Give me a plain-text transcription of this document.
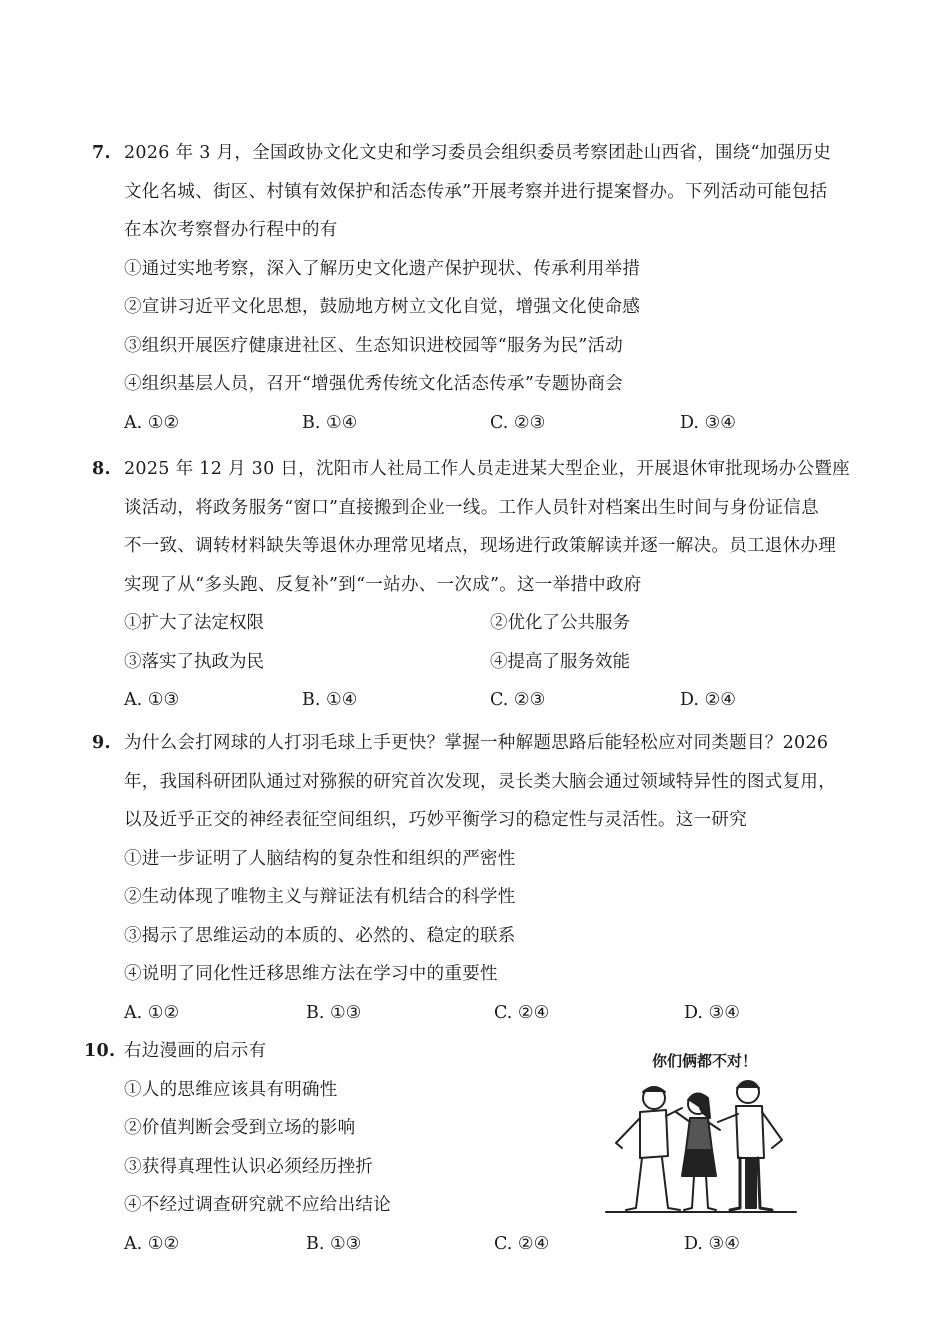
7. 2026 年 3 月，全国政协文化文史和学习委员会组织委员考察团赴山西省，围绕“加强历史
文化名城、街区、村镇有效保护和活态传承”开展考察并进行提案督办。下列活动可能包括
在本次考察督办行程中的有
①通过实地考察，深入了解历史文化遗产保护现状、传承利用举措
②宣讲习近平文化思想，鼓励地方树立文化自觉，增强文化使命感
③组织开展医疗健康进社区、生态知识进校园等“服务为民”活动
④组织基层人员，召开“增强优秀传统文化活态传承”专题协商会
A. ①②	B. ①④	C. ②③	D. ③④
8. 2025 年 12 月 30 日，沈阳市人社局工作人员走进某大型企业，开展退休审批现场办公暨座
谈活动，将政务服务“窗口”直接搬到企业一线。工作人员针对档案出生时间与身份证信息
不一致、调转材料缺失等退休办理常见堵点，现场进行政策解读并逐一解决。员工退休办理
实现了从“多头跑、反复补”到“一站办、一次成”。这一举措中政府
①扩大了法定权限	②优化了公共服务
③落实了执政为民	④提高了服务效能
A. ①③	B. ①④	C. ②③	D. ②④
9. 为什么会打网球的人打羽毛球上手更快？掌握一种解题思路后能轻松应对同类题目？2026
年，我国科研团队通过对猕猴的研究首次发现，灵长类大脑会通过领域特异性的图式复用，
以及近乎正交的神经表征空间组织，巧妙平衡学习的稳定性与灵活性。这一研究
①进一步证明了人脑结构的复杂性和组织的严密性
②生动体现了唯物主义与辩证法有机结合的科学性
③揭示了思维运动的本质的、必然的、稳定的联系
④说明了同化性迁移思维方法在学习中的重要性
A. ①②	B. ①③	C. ②④	D. ③④
10. 右边漫画的启示有
①人的思维应该具有明确性
②价值判断会受到立场的影响
③获得真理性认识必须经历挫折
④不经过调查研究就不应给出结论
A. ①②	B. ①③	C. ②④	D. ③④
你们俩都不对！
